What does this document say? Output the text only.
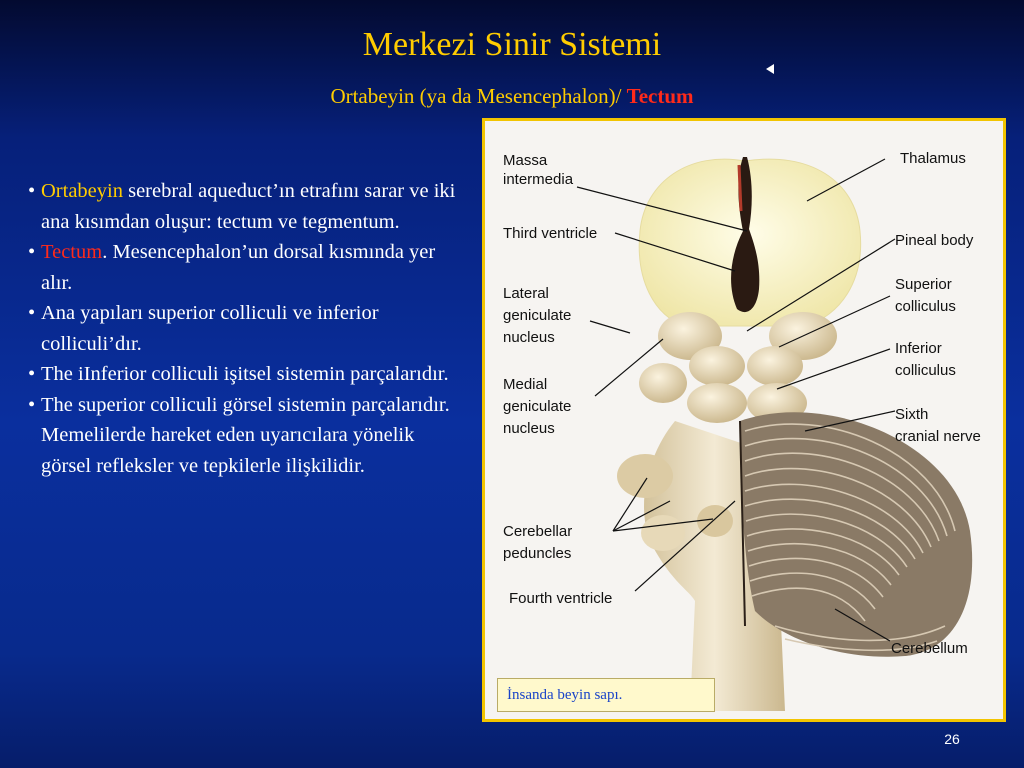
Merkezi Sinir Sistemi
Ortabeyin (ya da Mesencephalon)/ Tectum
• Ortabeyin serebral aqueduct’ın etrafını sarar ve iki ana kısımdan oluşur: tectum ve tegmentum.
• Tectum. Mesencephalon’un dorsal kısmında yer alır.
• Ana yapıları superior colliculi ve inferior colliculi’dır.
• The iInferior colliculi işitsel sistemin parçalarıdır.
• The superior colliculi görsel sistemin parçalarıdır. Memelilerde hareket eden uyarıcılara yönelik görsel refleksler ve tepkilerle ilişkilidir.
Massa
intermedia
Thalamus
Third ventricle	Pineal body
Lateral
geniculate
nucleus
Superior
colliculus
Inferior
colliculus
Medial
geniculate
nucleus
Sixth
cranial nerve
Cerebellar
peduncles
Fourth ventricle
Cerebellum
İnsanda beyin sapı.
26
